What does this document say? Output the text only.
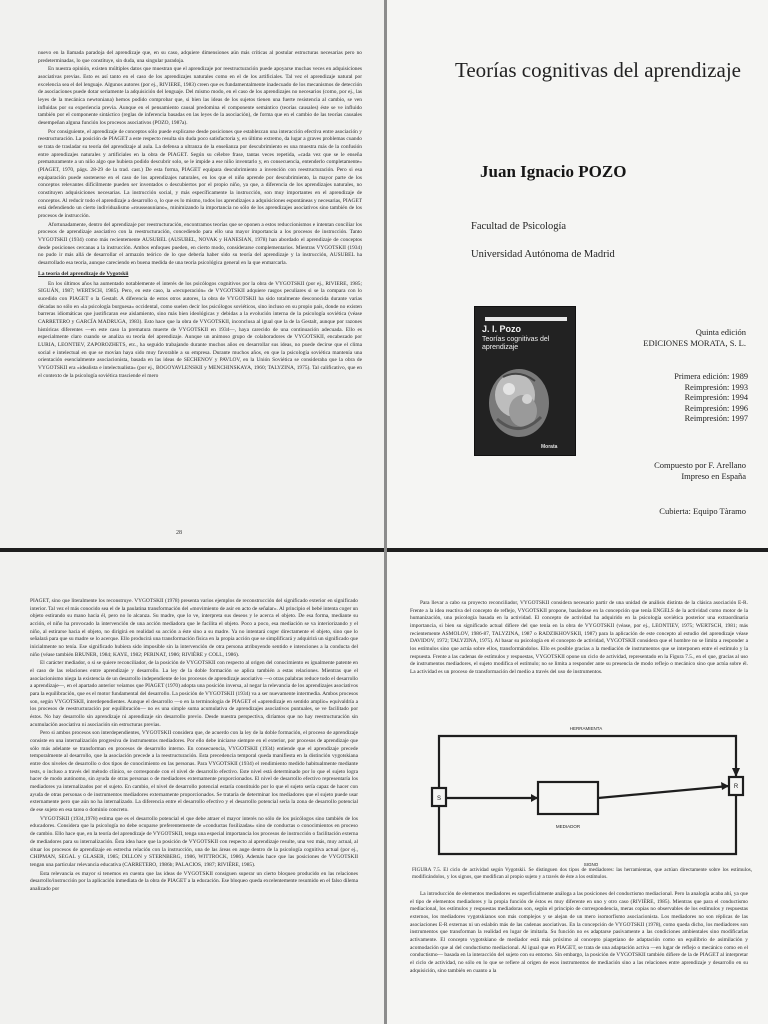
nuevo en la llamada paradoja del aprendizaje que, en su caso, adquiere dimensiones aún más críticas al postular estructuras necesarias pero no predeterminadas, lo que constituye, sin duda, una singular paradoja.

En nuestra opinión, existen múltiples datos que muestran que el aprendizaje por reestructuración puede apoyarse muchas veces en adquisiciones asociativas previas. Esto es así tanto en el caso de los aprendizajes naturales como en el de los artificiales. Tal vez el aprendizaje natural por excelencia sea el del lenguaje. Algunos autores (por ej., RIVIERE, 1983) creen que es fundamentalmente inadecuado de los mecanismos de detección de asociaciones puede dotar seriamente la adquisición del lenguaje. Del mismo modo, en el caso de los aprendizajes no necesarios (como, por ej., las leyes de la mecánica newtoniana) hemos podido comprobar que, si bien las ideas de los sujetos tienen una fuerte resistencia al cambio, se ven influidas por su experiencia previa. Aunque en el pensamiento causal predomina el componente semántico (teorías causales) éste se ve influido también por el componente sintáctico (reglas de inferencia basadas en las leyes de la asociación), de forma que en el cambio de las teorías causales desempeñan alguna función los procesos asociativos (POZO, 1987a).

Por consiguiente, el aprendizaje de conceptos sólo puede explicarse desde posiciones que establezcan una interacción efectiva entre asociación y reestructuración. La posición de PIAGET a este respecto resulta sin duda poco satisfactoria y, en último extremo, da lugar a graves problemas cuando se trata de trasladar su teoría del aprendizaje al aula. La defensa a ultranza de la enseñanza por descubrimiento es una muestra más de la confusión entre aprendizajes naturales y artificiales en la obra de PIAGET. Según su célebre frase, tantas veces repetida, «cada vez que se le enseña prematuramente a un niño algo que hubiera podido descubrir solo, se le impide a ese niño inventarlo y, en consecuencia, entenderlo completamente» (PIAGET, 1970, págs. 28-29 de la trad. cast.) De esta forma, PIAGET equipara descubrimiento a invención con reestructuración. Pero si esa equiparación puede sostenerse en el caso de los aprendizajes naturales, en los que el niño aprende por descubrimiento, la mayor parte de los conceptos relevantes difícilmente pueden ser inventados o descubiertos por el propio niño, ya que, a diferencia de los aprendizajes naturales, no constituyen adquisiciones necesarias. La instrucción social, y más específicamente la instrucción, son muy importantes en el aprendizaje de conceptos. Al reducir todo el aprendizaje a desarrollo o, lo que es lo mismo, todos los aprendizajes a adquisiciones espontáneas y necesarias, PIAGET está defendiendo un cierto individualismo «rousseauniano», minimizando la importancia no sólo de los aprendizajes asociativos sino también de los procesos de instrucción.

Afortunadamente, dentro del aprendizaje por reestructuración, encontramos teorías que se oponen a estos reduccionismos e intentan conciliar los procesos de aprendizaje asociativo con la reestructuración, concediendo para ello una mayor importancia a los procesos de instrucción. Tanto VYGOTSKII (1934) como más recientemente AUSUBEL (AUSUBEL, NOVAK y HANESIAN, 1978) han abordado el aprendizaje de conceptos desde posiciones cercanas a la instrucción. Ambos enfoques pueden, en cierto modo, considerarse complementarios. Mientras VYGOTSKII (1934) no pudo ir más allá de desarrollar el armazón teórico de lo que debería haber sido su teoría del aprendizaje y la instrucción, AUSUBEL ha desarrollado esa teoría, aunque careciendo en buena medida de una teoría psicológica general en la que enmarcarla.

La teoría del aprendizaje de Vygotskii

En los últimos años ha aumentado notablemente el interés de los psicólogos cognitivos por la obra de VYGOTSKII (por ej., RIVIERE, 1985; SIGUÁN, 1987; WERTSCH, 1985). Pero, en este caso, la «recuperación» de VYGOTSKII adquiere rasgos peculiares si se la compara con lo sucedido con PIAGET o la Gestalt. A diferencia de estos otros autores, la obra de VYGOTSKII ha sido totalmente desconocida durante varias décadas no sólo en «la psicología burguesa» occidental, como suelen decir los psicólogos soviéticos, sino incluso en su propio país, donde no existen barreras idiomáticas que justificaran ese aislamiento, sino más bien ideológicas y debidas a la evolución interna de la psicología soviética (véase CARRETERO y GARCÍA MADRUGA, 1983). Esto hace que la obra de VYGOTSKII, inconclusa al igual que la de la Gestalt, aunque por razones históricas diferentes —en este caso la prematura muerte de VYGOTSKII en 1934—, haya carecido de una continuación adecuada. Ello es especialmente claro cuando se analiza su teoría del aprendizaje. Aunque un animoso grupo de colaboradores de VYGOTSKII, encabezado por LURIA, LEONTIEV, ZAPOROZHETS, etc., ha seguido trabajando durante muchos años en desarrollar sus ideas, no puede decirse que el clima social e intelectual en que se movían haya sido muy favorable a su empresa. Durante muchos años, en que la psicología soviética mantenía una orientación esencialmente asociacionista, basada en las ideas de SECHENOV y PAVLOV, en la Unión Soviética se consideraba que la obra de VYGOTSKII era «idealista e intelectualista» (por ej., BOGOYAVLENSKII y MENCHINSKAYA, 1960; TALYZINA, 1975). Tal calificativo, que en el contexto de la psicología soviética trasciende el mero

28
Teorías cognitivas del aprendizaje
Juan Ignacio POZO
Facultad de Psicología
Universidad Autónoma de Madrid
Quinta edición
EDICIONES MORATA, S. L.
J. I. Pozo
Teorías cognitivas del aprendizaje
Morata
Primera edición: 1989
Reimpresión: 1993
Reimpresión: 1994
Reimpresión: 1996
Reimpresión: 1997
Compuesto por F. Arellano
Impreso en España
Cubierta: Equipo Tàramo

PIAGET, sino que literalmente los reconstruye. VYGOTSKII (1978) presenta varios ejemplos de reconstrucción del significado exterior en significado interior. Tal vez el más conocido sea el de la paulatina transformación del «movimiento de asir en acto de señalar». Al principio el bebé intenta coger un objeto estirando su mano hacia él, pero no lo alcanza. Su madre, que lo ve, interpreta sus deseos y le acerca el objeto. De esa forma, mediante su acción, el niño ha provocado la intervención de una acción mediadora que le facilita el objeto. Poco a poco, esa mediación se va interiorizando y el niño, al estirarse hacia el objeto, no dirigirá en realidad su acción a éste sino a su madre. Ya no intentará coger directamente el objeto, sino que lo señalará para que su madre se lo acerque. Ello producirá una transformación física en la propia acción que se simplificará y adquirirá un significado que inicialmente no tenía. Ese significado hubiera sido imposible sin la intervención de otra persona atribuyendo sentido e intenciones a la conducta del niño (véase también BRUNER, 1984; KAYE, 1982; PERINAT, 1986; RIVIÈRE y COLL, 1986).

El carácter mediador, o si se quiere reconciliador, de la posición de VYGOTSKII con respecto al origen del conocimiento es igualmente patente en el caso de las relaciones entre aprendizaje y desarrollo. La ley de la doble formación se aplica también a estas relaciones. Mientras que el asociacionismo niega la existencia de un desarrollo independiente de los procesos de aprendizaje asociativo —o otras palabras reduce todo el desarrollo a aprendizaje—, en el apartado anterior veíamos que PIAGET (1970) adopta una posición inversa, al negar la relevancia de los aprendizajes asociativos para la equilibración, que es el motor fundamental del desarrollo. La posición de VYGOTSKII (1934) va a ser nuevamente intermedia. Ambos procesos son, según VYGOTSKII, interdependientes. Aunque el desarrollo —o en la terminología de PIAGET el «aprendizaje en sentido amplio» equivaldría a los procesos de reestructuración por equilibración— no es una simple suma acumulativa de aprendizajes asociativos puntuales, se ve facilitado por éstos. No hay desarrollo sin aprendizaje ni aprendizaje sin desarrollo previo. Desde nuestra perspectiva, diríamos que no hay reestructuración sin acumulación asociativa ni asociación sin estructuras previas.

Pero si ambos procesos son interdependientes, VYGOTSKII considera que, de acuerdo con la ley de la doble formación, el proceso de aprendizaje consiste en una internalización progresiva de instrumentos mediadores. Por ello debe iniciarse siempre en el exterior, por procesos de aprendizaje que sólo más adelante se transforman en procesos de desarrollo interno. En consecuencia, VYGOTSKII (1934) entiende que el aprendizaje precede temporalmente al desarrollo, que la asociación precede a la reestructuración. Esta precedencia temporal queda manifiesta en la distinción vygotskiana entre dos niveles de desarrollo o dos tipos de conocimiento en las personas. Para VYGOTSKII (1934) el rendimiento medido habitualmente mediante tests, o incluso a través del método clínico, se corresponde con el nivel de desarrollo efectivo. Este nivel está determinado por lo que el sujeto logra hacer de modo autónomo, sin ayuda de otras personas o de mediadores externamente proporcionados. El nivel de desarrollo efectivo representaría los mediadores ya internalizados por el sujeto. En cambio, el nivel de desarrollo potencial estaría constituido por lo que el sujeto sería capaz de hacer con ayuda de otras personas o de instrumentos mediadores externamente proporcionados. Se trataría de determinar los mediadores que el sujeto puede usar externamente pero que aún no ha internalizado. La diferencia entre el desarrollo efectivo y el desarrollo potencial sería la zona de desarrollo potencial de ese sujeto en esa tarea o dominio concreto.

VYGOTSKII (1934,1978) estima que es el desarrollo potencial el que debe atraer el mayor interés no sólo de los psicólogos sino también de los educadores. Considera que la psicología no debe ocuparse preferentemente de «conductas fosilizadas» sino de conductas o conocimientos en proceso de cambio. Ello hace que, en la teoría del aprendizaje de VYGOTSKII, tenga una especial importancia los procesos de instrucción o facilitación externa de mediadores para su internalización. Ésta idea hace que la posición de VYGOTSKII con respecto al aprendizaje resulte, una vez más, muy actual, al situar los procesos de aprendizaje en estrecha relación con la instrucción, una de las áreas en auge dentro de la psicología cognitiva actual (por ej., CHIPMAN, SEGAL y GLASER, 1985; DILLON y STERNBERG, 1986, WITTROCK, 1986). Además hace que las posiciones de VYGOTSKII tengan una particular relevancia educativa (CARRETERO, 1986b; PALACIOS, 1987; RIVIÈRE, 1985).

Esta relevancia es mayor si tenemos en cuenta que las ideas de VYGOTSKII consiguen superar un cierto bloqueo producido en las relaciones desarrollo/instrucción por la aplicación inmediata de la obra de PIAGET a la educación. Ese bloqueo queda excelentemente resumido en el falso dilema analizado por

Para llevar a cabo su proyecto reconciliador, VYGOTSKII considera necesario partir de una unidad de análisis distinta de la clásica asociación E-R. Frente a la idea reactiva del concepto de reflejo, VYGOTSKII propone, basándose en la concepción que tenía ENGELS de la actividad como motor de la humanización, una psicología basada en la actividad. El concepto de actividad ha adquirido en la psicología soviética posterior una extraordinaria importancia, si bien su significado actual difiere del que tenía en la obra de VYGOTSKII (véase, por ej., LEONTIEV, 1975; WERTSCH, 1981; más recientemente ASMOLOV, 1986-87, TALYZINA, 1987 o RADZIKHOVSKII, 1987) para la aplicación de este concepto al estudio del aprendizaje véase DAVIDOV, 1972; TALYZINA, 1975). Al basar su psicología en el concepto de actividad, VYGOTSKII considera que el hombre no se limita a responder a los estímulos sino que actúa sobre ellos, transformándolos. Ello es posible gracias a la mediación de instrumentos que se interponen entre el estímulo y la respuesta. Frente a las cadenas de estímulos y respuestas, VYGOTSKII opone un ciclo de actividad, representado en la Figura 7.5., en el que, gracias al uso de instrumentos mediadores, el sujeto modifica el estímulo; no se limita a responder ante su presencia de modo reflejo o mecánico sino que actúa sobre él. La actividad es un proceso de transformación del medio a través del uso de instrumentos.

HERRAMIENTA
MEDIADOR
SIGNO
S
R
FIGURA 7.5. El ciclo de actividad según Vygotskii. Se distinguen dos tipos de mediadores: las herramientas, que actúan directamente sobre los estímulos, modificándolos, y los signos, que modifican al propio sujeto y a través de éste a los estímulos.

La introducción de elementos mediadores es superficialmente análoga a las posiciones del conductismo mediacional. Pero la analogía acaba ahí, ya que el tipo de elementos mediadores y la propia función de éstos es muy diferente en uno y otro caso (RIVIÈRE, 1985). Mientras que para el conductismo mediacional, los estímulos y respuestas mediadoras son, según el principio de correspondencia, meras copias no observables de los estímulos y respuestas externos, los mediadores vygotskianos son más complejos y se alejan de un mero isomorfismo asociacionista. Los mediadores no son réplicas de las asociaciones E-R externas ni un eslabón más de las cadenas asociativas. En la concepción de VYGOTSKII (1978), como queda dicho, los mediadores son instrumentos que transforman la realidad en lugar de imitarla. Su función no es adaptarse pasivamente a las condiciones ambientales sino modificarlas activamente. El concepto vygotskiano de mediador está más próximo al concepto piagetiano de adaptación como un equilibrio de asimilación y acomodación que al del conductismo mediacional. Al igual que en PIAGET, se trata de una adaptación activa —en lugar de reflejo o mecánico como en el conductismo— basada en la interacción del sujeto con su entorno. Sin embargo, la posición de VYGOTSKII también difiere de la de PIAGET al interpretar el ciclo de actividad, no sólo en lo que se refiere al origen de esos instrumentos de mediación sino a las relaciones entre aprendizaje y desarrollo en su adquisición, sino también en cuanto a la
